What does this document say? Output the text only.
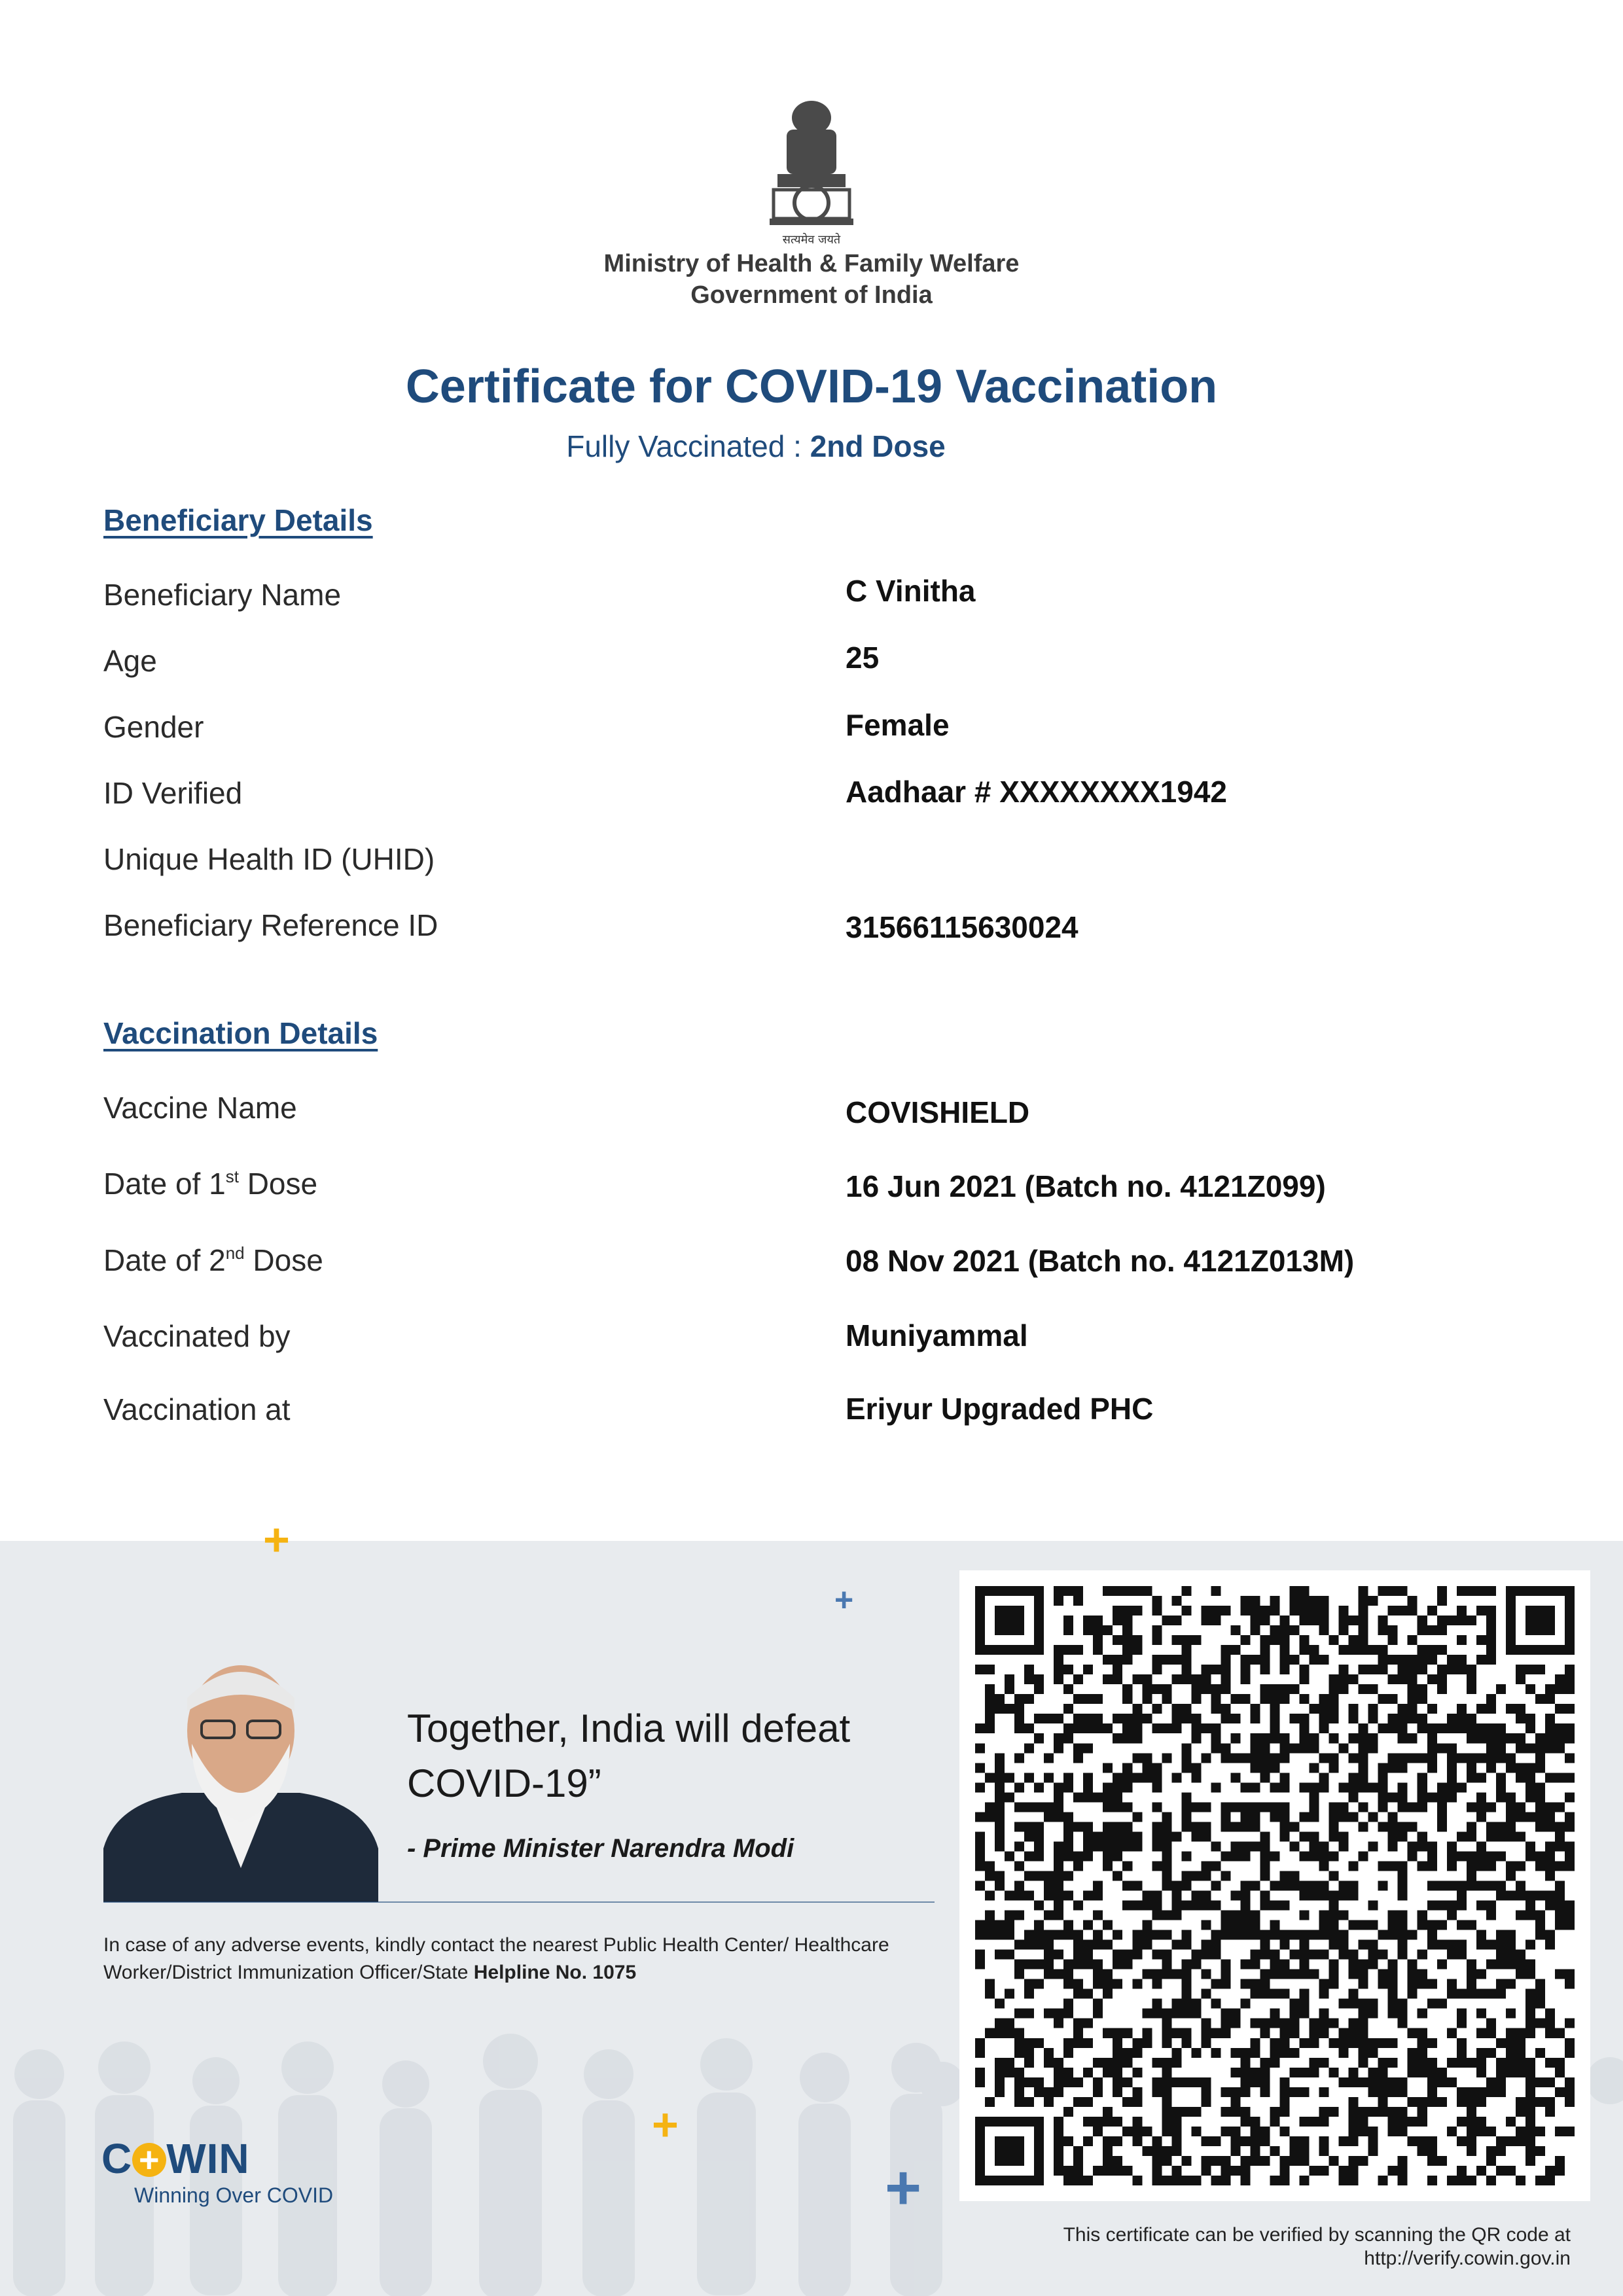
सत्यमेव जयते
Ministry of Health & Family Welfare
Government of India
Certificate for COVID-19 Vaccination
Fully Vaccinated : 2nd Dose
Beneficiary Details
Beneficiary Name	C Vinitha
Age	25
Gender	Female
ID Verified	Aadhaar # XXXXXXXX1942
Unique Health ID (UHID)
Beneficiary Reference ID	31566115630024
Vaccination Details
Vaccine Name	COVISHIELD
Date of 1st Dose	16 Jun 2021 (Batch no. 4121Z099)
Date of 2nd Dose	08 Nov 2021 (Batch no. 4121Z013M)
Vaccinated by	Muniyammal
Vaccination at	Eriyur Upgraded PHC
+
+
+
+
Together, India will defeat COVID-19”
- Prime Minister Narendra Modi
In case of any adverse events, kindly contact the nearest Public Health Center/ Healthcare Worker/District Immunization Officer/State Helpline No. 1075
C + WIN
Winning Over COVID
This certificate can be verified by scanning the QR code at
http://verify.cowin.gov.in
